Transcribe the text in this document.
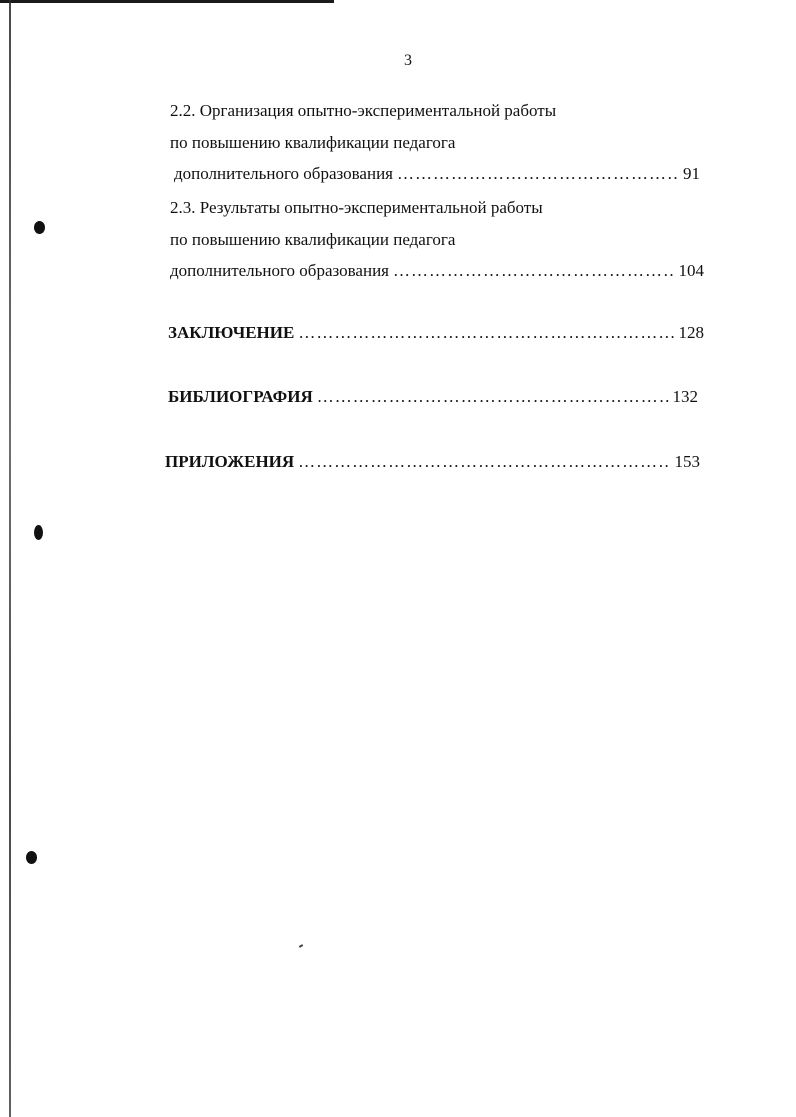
3
2.2. Организация опытно-экспериментальной работы
по повышению квалификации педагога
дополнительного образования ……………………………………………………………………………………………………………………………………………………	91
2.3. Результаты опытно-экспериментальной работы
по повышению квалификации педагога
дополнительного образования ……………………………………………………………………………………………………………………………………………………	104
ЗАКЛЮЧЕНИЕ ……………………………………………………………………………………………………………………………………………………	128
БИБЛИОГРАФИЯ ……………………………………………………………………………………………………………………………………………………	132
ПРИЛОЖЕНИЯ ……………………………………………………………………………………………………………………………………………………	153
